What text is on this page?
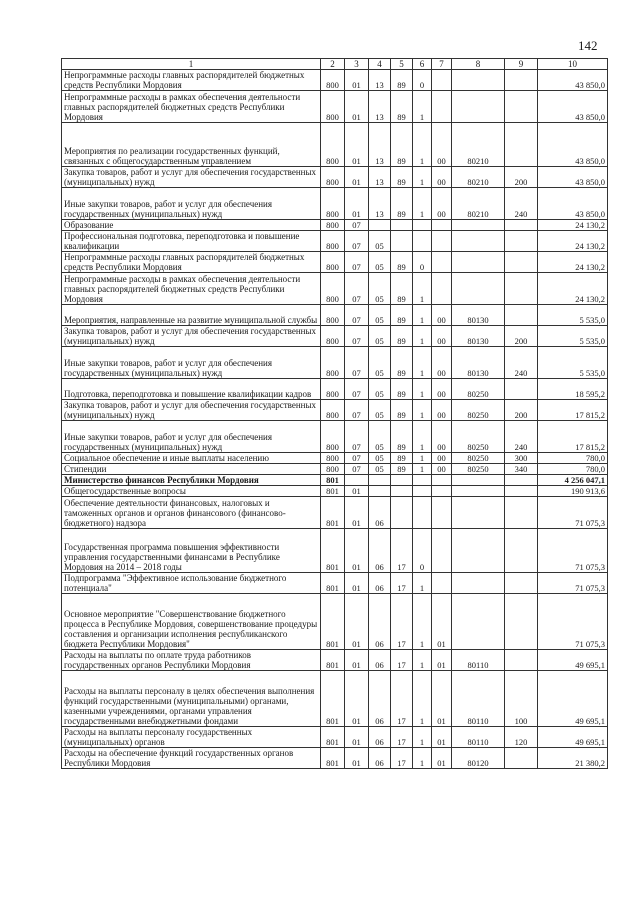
142
1	2	3	4	5	6	7	8	9	10
Непрограммные расходы главных распорядителей бюджетных средств Республики Мордовия	800	01	13	89	0				43 850,0
Непрограммные расходы в рамках обеспечения деятельности главных распорядителей бюджетных средств Республики Мордовия	800	01	13	89	1				43 850,0
Мероприятия по реализации государственных функций, связанных с общегосударственным управлением	800	01	13	89	1	00	80210		43 850,0
Закупка товаров, работ и услуг для обеспечения государственных (муниципальных) нужд	800	01	13	89	1	00	80210	200	43 850,0
Иные закупки товаров, работ и услуг для обеспечения государственных (муниципальных) нужд	800	01	13	89	1	00	80210	240	43 850,0
Образование	800	07							24 130,2
Профессиональная подготовка, переподготовка и повышение квалификации	800	07	05						24 130,2
Непрограммные расходы главных распорядителей бюджетных средств Республики Мордовия	800	07	05	89	0				24 130,2
Непрограммные расходы в рамках обеспечения деятельности главных распорядителей бюджетных средств Республики Мордовия	800	07	05	89	1				24 130,2
Мероприятия, направленные на развитие муниципальной службы	800	07	05	89	1	00	80130		5 535,0
Закупка товаров, работ и услуг для обеспечения государственных (муниципальных) нужд	800	07	05	89	1	00	80130	200	5 535,0
Иные закупки товаров, работ и услуг для обеспечения государственных (муниципальных) нужд	800	07	05	89	1	00	80130	240	5 535,0
Подготовка, переподготовка и повышение квалификации кадров	800	07	05	89	1	00	80250		18 595,2
Закупка товаров, работ и услуг для обеспечения государственных (муниципальных) нужд	800	07	05	89	1	00	80250	200	17 815,2
Иные закупки товаров, работ и услуг для обеспечения государственных (муниципальных) нужд	800	07	05	89	1	00	80250	240	17 815,2
Социальное обеспечение и иные выплаты населению	800	07	05	89	1	00	80250	300	780,0
Стипендии	800	07	05	89	1	00	80250	340	780,0
Министерство финансов Республики Мордовия	801								4 256 047,1
Общегосударственные вопросы	801	01							190 913,6
Обеспечение деятельности финансовых, налоговых и таможенных органов и органов финансового (финансово-бюджетного) надзора	801	01	06						71 075,3
Государственная программа повышения эффективности управления государственными финансами в Республике Мордовия на 2014 – 2018 годы	801	01	06	17	0				71 075,3
Подпрограмма "Эффективное использование бюджетного потенциала"	801	01	06	17	1				71 075,3
Основное мероприятие "Совершенствование бюджетного процесса в Республике Мордовия, совершенствование процедуры составления и организации исполнения республиканского бюджета Республики Мордовия"	801	01	06	17	1	01			71 075,3
Расходы на выплаты по оплате труда работников государственных органов Республики Мордовия	801	01	06	17	1	01	80110		49 695,1
Расходы на выплаты персоналу в целях обеспечения выполнения функций государственными (муниципальными) органами, казенными учреждениями, органами управления государственными внебюджетными фондами	801	01	06	17	1	01	80110	100	49 695,1
Расходы на выплаты персоналу государственных (муниципальных) органов	801	01	06	17	1	01	80110	120	49 695,1
Расходы на обеспечение функций государственных органов Республики Мордовия	801	01	06	17	1	01	80120		21 380,2
